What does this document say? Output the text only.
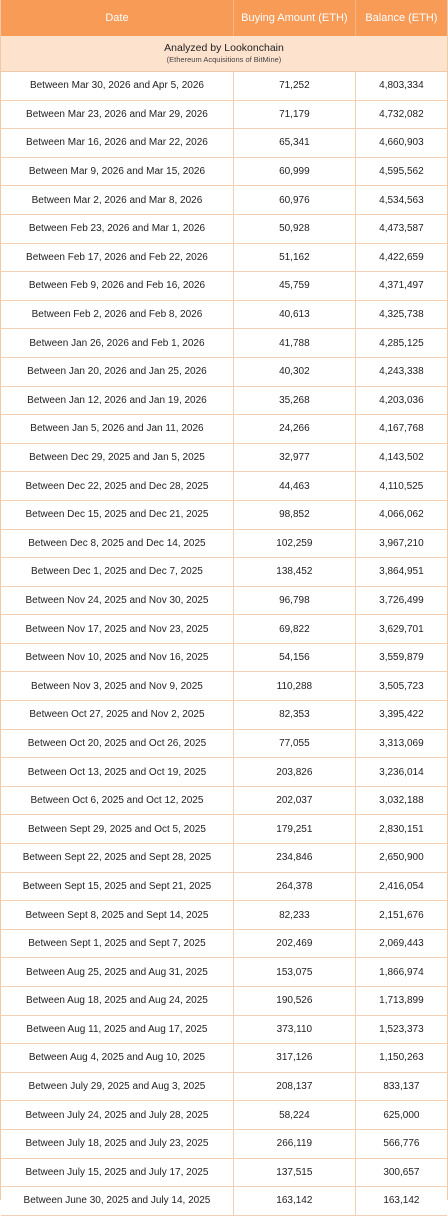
Date	Buying Amount (ETH)	Balance (ETH)
Analyzed by Lookonchain
(Ethereum Acquisitions of BitMine)
Between Mar 30, 2026 and Apr 5, 2026	71,252	4,803,334
Between Mar 23, 2026 and Mar 29, 2026	71,179	4,732,082
Between Mar 16, 2026 and Mar 22, 2026	65,341	4,660,903
Between Mar 9, 2026 and Mar 15, 2026	60,999	4,595,562
Between Mar 2, 2026 and Mar 8, 2026	60,976	4,534,563
Between Feb 23, 2026 and Mar 1, 2026	50,928	4,473,587
Between Feb 17, 2026 and Feb 22, 2026	51,162	4,422,659
Between Feb 9, 2026 and Feb 16, 2026	45,759	4,371,497
Between Feb 2, 2026 and Feb 8, 2026	40,613	4,325,738
Between Jan 26, 2026 and Feb 1, 2026	41,788	4,285,125
Between Jan 20, 2026 and Jan 25, 2026	40,302	4,243,338
Between Jan 12, 2026 and Jan 19, 2026	35,268	4,203,036
Between Jan 5, 2026 and Jan 11, 2026	24,266	4,167,768
Between Dec 29, 2025 and Jan 5, 2025	32,977	4,143,502
Between Dec 22, 2025 and Dec 28, 2025	44,463	4,110,525
Between Dec 15, 2025 and Dec 21, 2025	98,852	4,066,062
Between Dec 8, 2025 and Dec 14, 2025	102,259	3,967,210
Between Dec 1, 2025 and Dec 7, 2025	138,452	3,864,951
Between Nov 24, 2025 and Nov 30, 2025	96,798	3,726,499
Between Nov 17, 2025 and Nov 23, 2025	69,822	3,629,701
Between Nov 10, 2025 and Nov 16, 2025	54,156	3,559,879
Between Nov 3, 2025 and Nov 9, 2025	110,288	3,505,723
Between Oct 27, 2025 and Nov 2, 2025	82,353	3,395,422
Between Oct 20, 2025 and Oct 26, 2025	77,055	3,313,069
Between Oct 13, 2025 and Oct 19, 2025	203,826	3,236,014
Between Oct 6, 2025 and Oct 12, 2025	202,037	3,032,188
Between Sept 29, 2025 and Oct 5, 2025	179,251	2,830,151
Between Sept 22, 2025 and Sept 28, 2025	234,846	2,650,900
Between Sept 15, 2025 and Sept 21, 2025	264,378	2,416,054
Between Sept 8, 2025 and Sept 14, 2025	82,233	2,151,676
Between Sept 1, 2025 and Sept 7, 2025	202,469	2,069,443
Between Aug 25, 2025 and Aug 31, 2025	153,075	1,866,974
Between Aug 18, 2025 and Aug 24, 2025	190,526	1,713,899
Between Aug 11, 2025 and Aug 17, 2025	373,110	1,523,373
Between Aug 4, 2025 and Aug 10, 2025	317,126	1,150,263
Between July 29, 2025 and Aug 3, 2025	208,137	833,137
Between July 24, 2025 and July 28, 2025	58,224	625,000
Between July 18, 2025 and July 23, 2025	266,119	566,776
Between July 15, 2025 and July 17, 2025	137,515	300,657
Between June 30, 2025 and July 14, 2025	163,142	163,142
